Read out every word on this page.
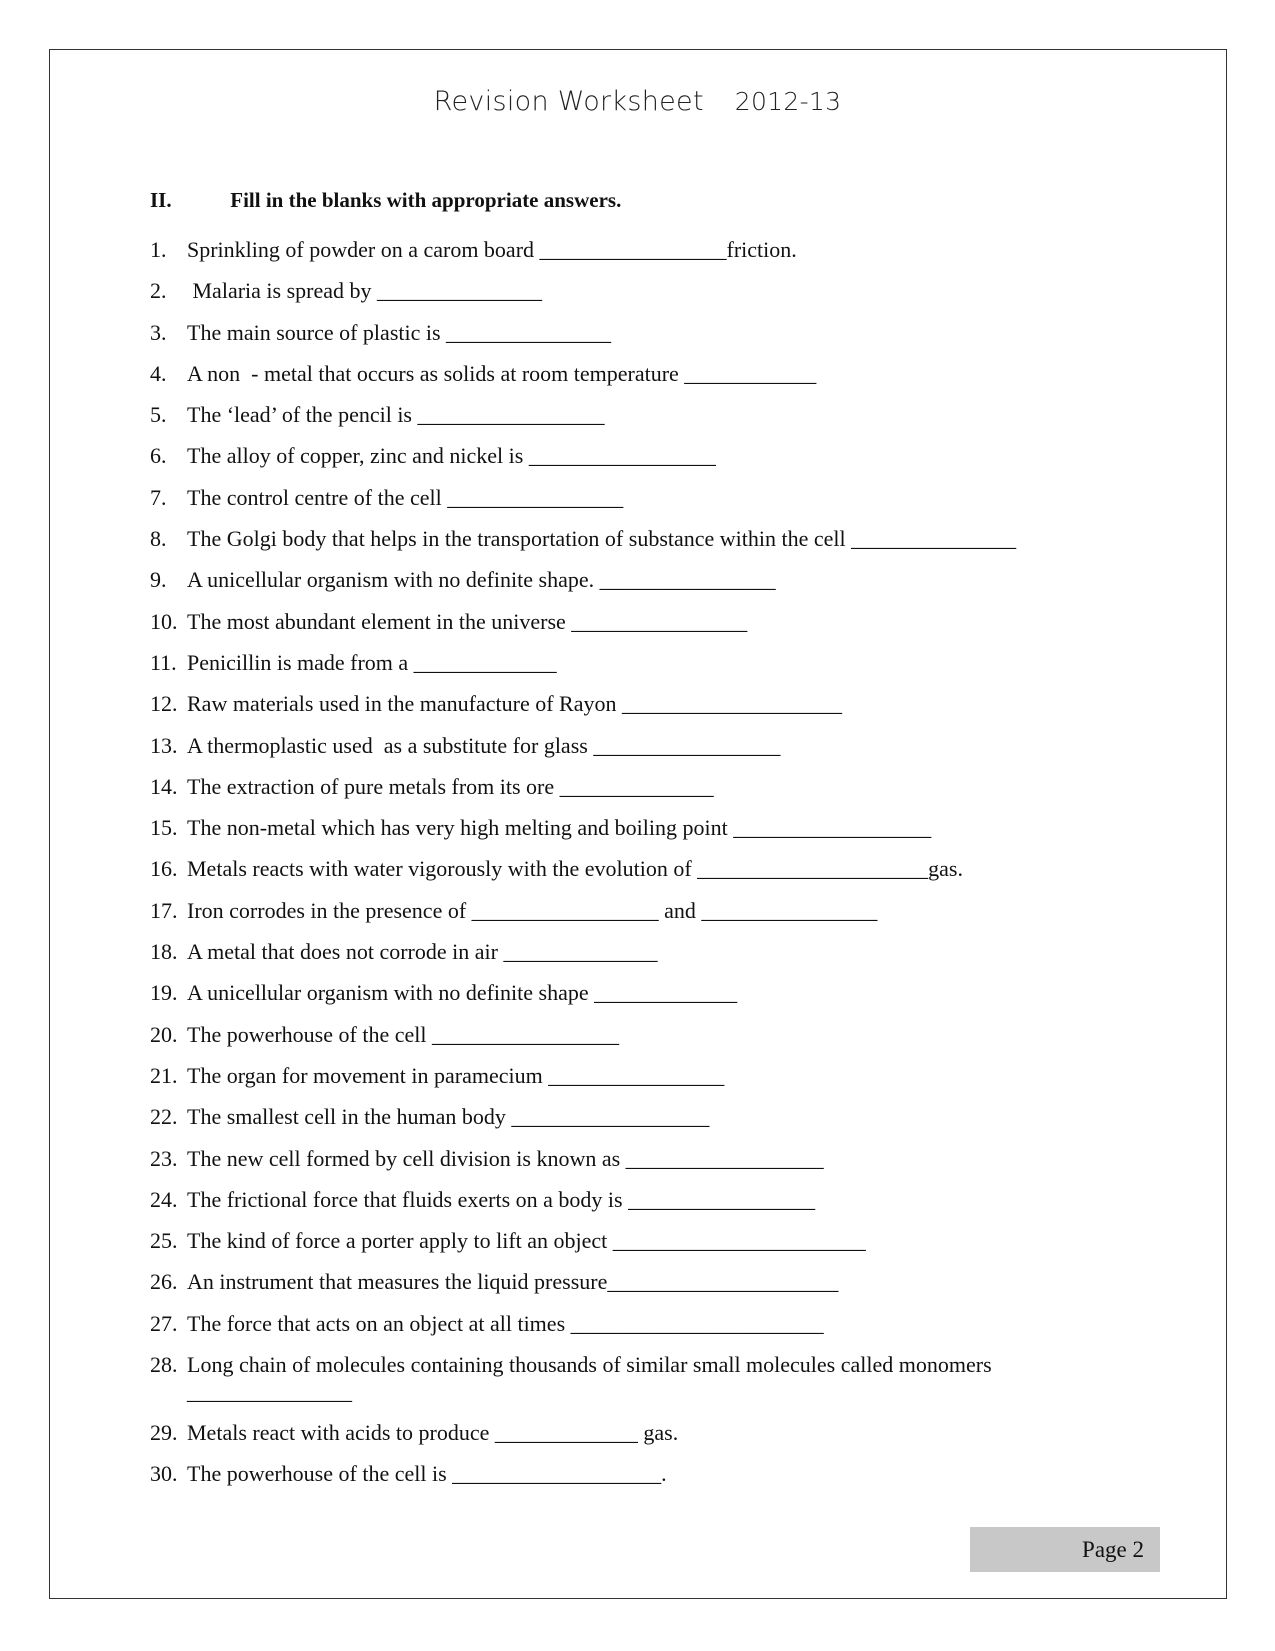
Revision Worksheet 2012-13
II.	Fill in the blanks with appropriate answers.
1. Sprinkling of powder on a carom board _________________friction.
2. Malaria is spread by _______________
3. The main source of plastic is _______________
4. A non  - metal that occurs as solids at room temperature ____________
5. The ‘lead’ of the pencil is _________________
6. The alloy of copper, zinc and nickel is _________________
7. The control centre of the cell ________________
8. The Golgi body that helps in the transportation of substance within the cell _______________
9. A unicellular organism with no definite shape. ________________
10. The most abundant element in the universe ________________
11. Penicillin is made from a _____________
12. Raw materials used in the manufacture of Rayon ____________________
13. A thermoplastic used  as a substitute for glass _________________
14. The extraction of pure metals from its ore ______________
15. The non-metal which has very high melting and boiling point __________________
16. Metals reacts with water vigorously with the evolution of _____________________gas.
17. Iron corrodes in the presence of _________________ and ________________
18. A metal that does not corrode in air ______________
19. A unicellular organism with no definite shape _____________
20. The powerhouse of the cell _________________
21. The organ for movement in paramecium ________________
22. The smallest cell in the human body __________________
23. The new cell formed by cell division is known as __________________
24. The frictional force that fluids exerts on a body is _________________
25. The kind of force a porter apply to lift an object _______________________
26. An instrument that measures the liquid pressure_____________________
27. The force that acts on an object at all times _______________________
28. Long chain of molecules containing thousands of similar small molecules called monomers _______________
29. Metals react with acids to produce _____________ gas.
30. The powerhouse of the cell is ___________________.
Page 2
